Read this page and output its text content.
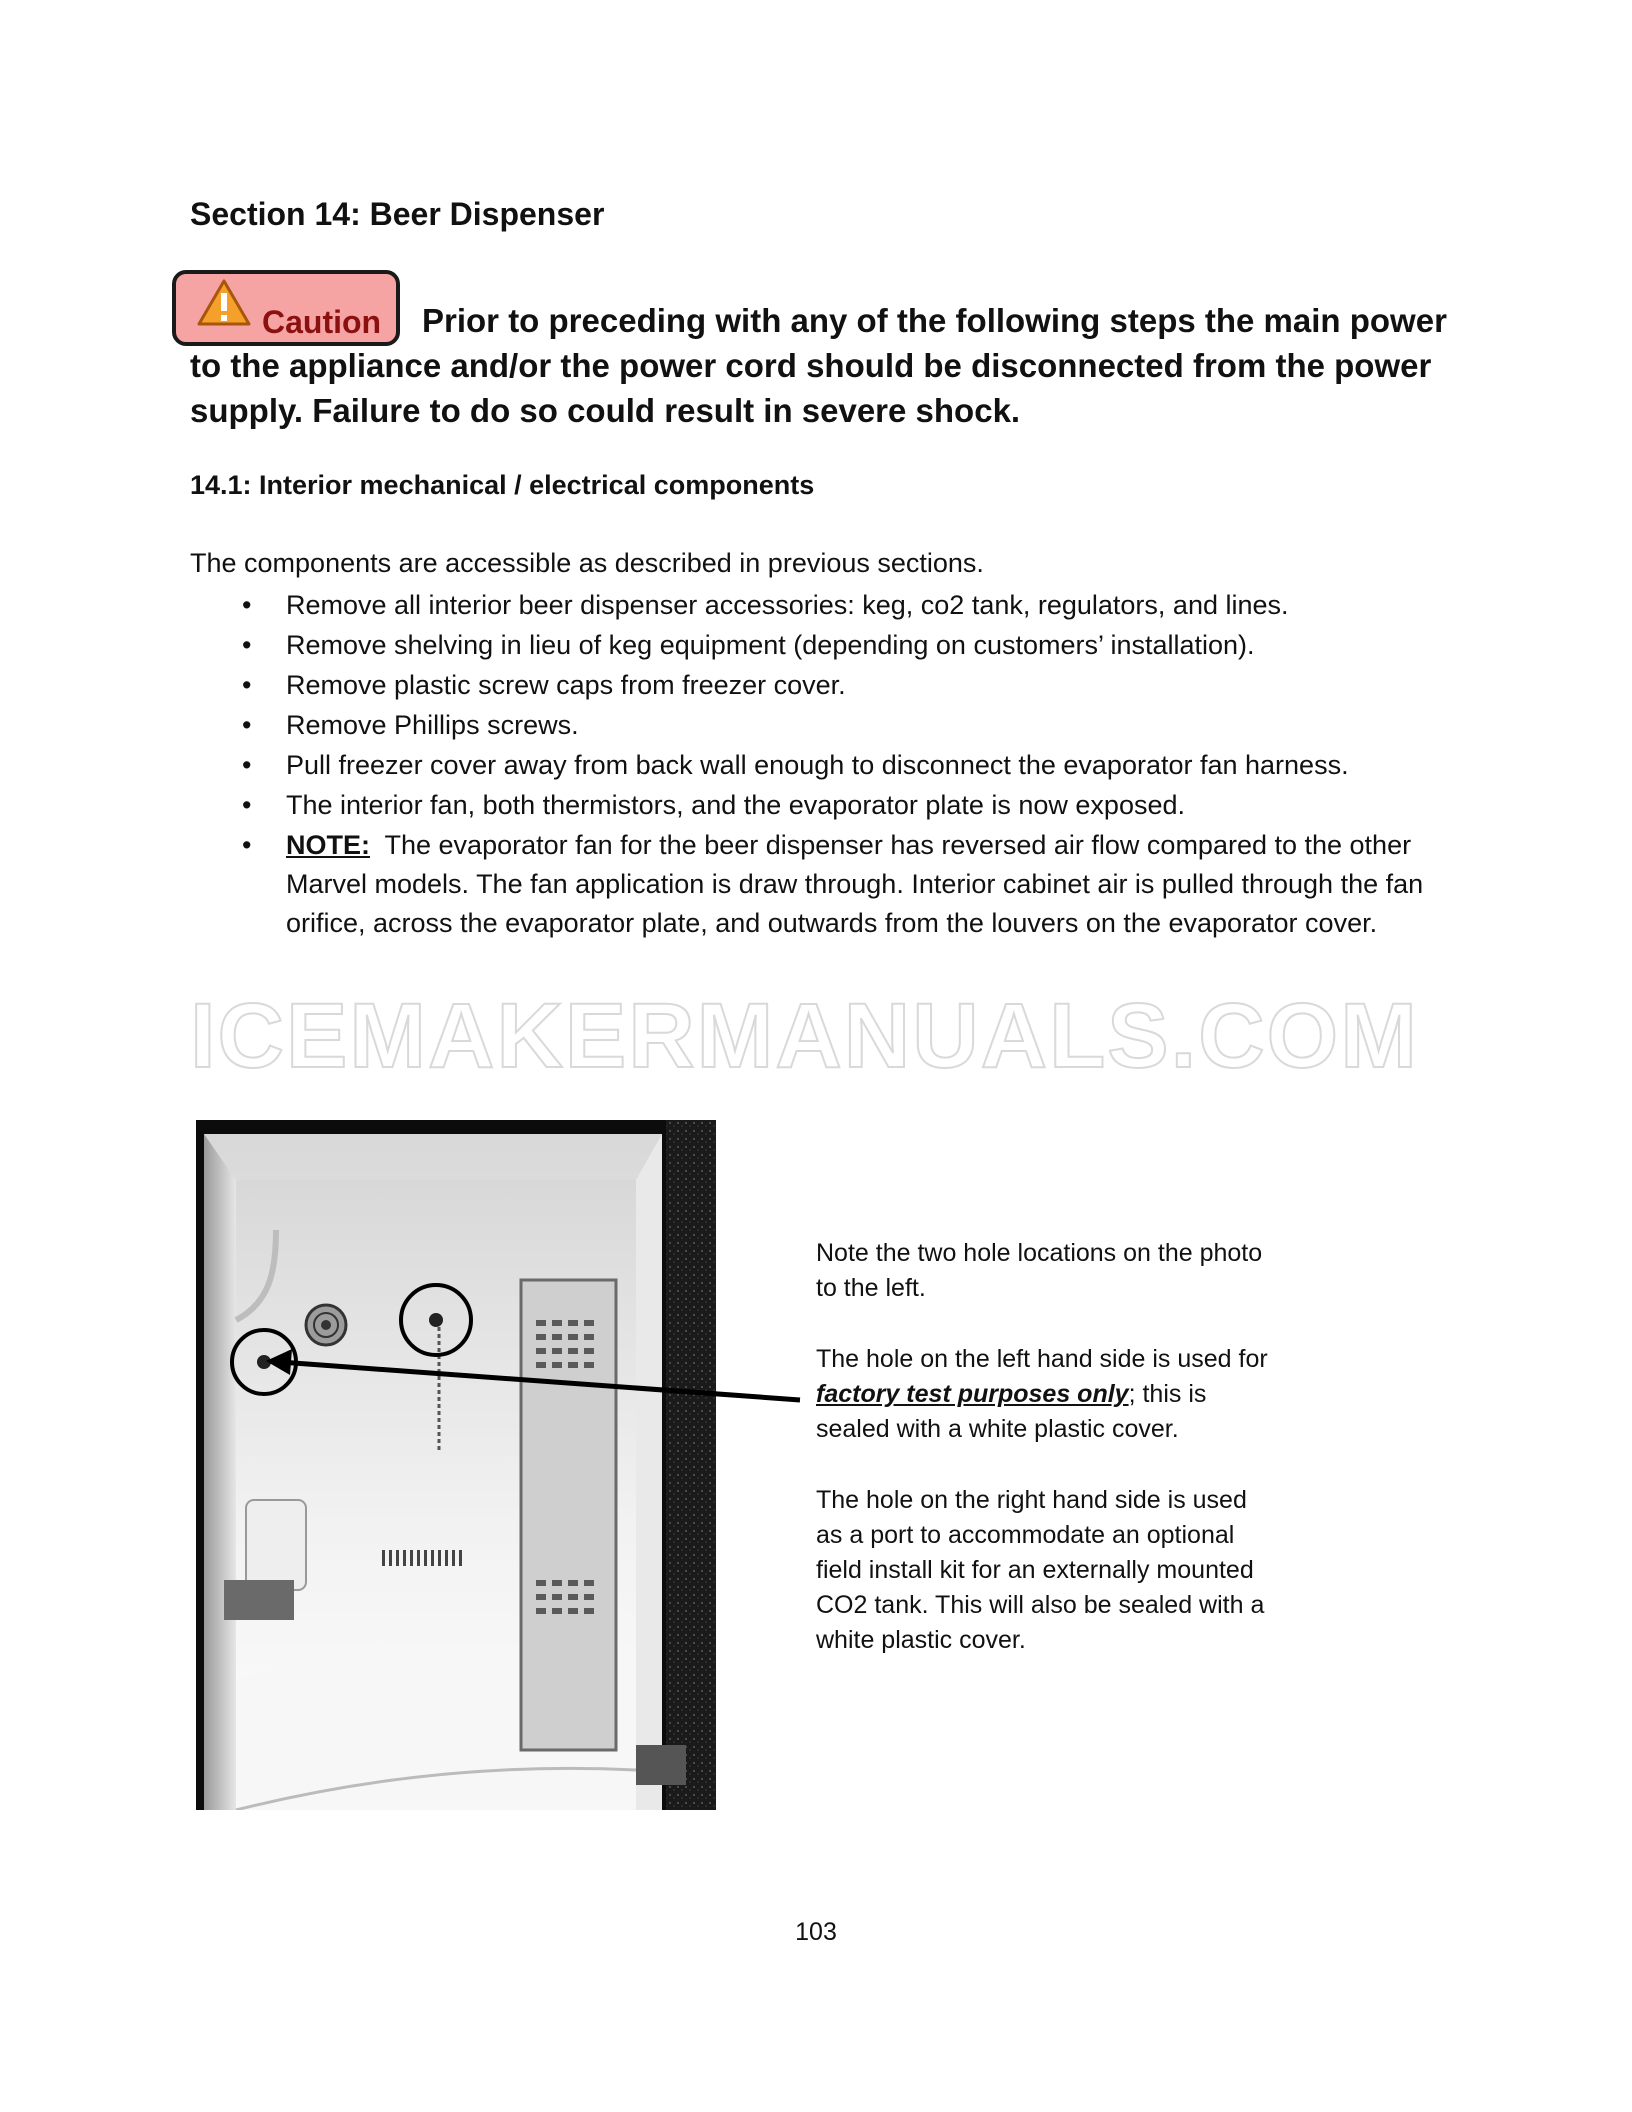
Section 14: Beer Dispenser
Caution	Prior to preceding with any of the following steps the main power to the appliance and/or the power cord should be disconnected from the power supply. Failure to do so could result in severe shock.
14.1: Interior mechanical / electrical components
The components are accessible as described in previous sections.
• Remove all interior beer dispenser accessories: keg, co2 tank, regulators, and lines.
• Remove shelving in lieu of keg equipment (depending on customers’ installation).
• Remove plastic screw caps from freezer cover.
• Remove Phillips screws.
• Pull freezer cover away from back wall enough to disconnect the evaporator fan harness.
• The interior fan, both thermistors, and the evaporator plate is now exposed.
• NOTE: The evaporator fan for the beer dispenser has reversed air flow compared to the other Marvel models. The fan application is draw through. Interior cabinet air is pulled through the fan orifice, across the evaporator plate, and outwards from the louvers on the evaporator cover.
ICEMAKERMANUALS.COM
Note the two hole locations on the photo to the left.
The hole on the left hand side is used for factory test purposes only; this is sealed with a white plastic cover.
The hole on the right hand side is used as a port to accommodate an optional field install kit for an externally mounted CO2 tank. This will also be sealed with a white plastic cover.
103
